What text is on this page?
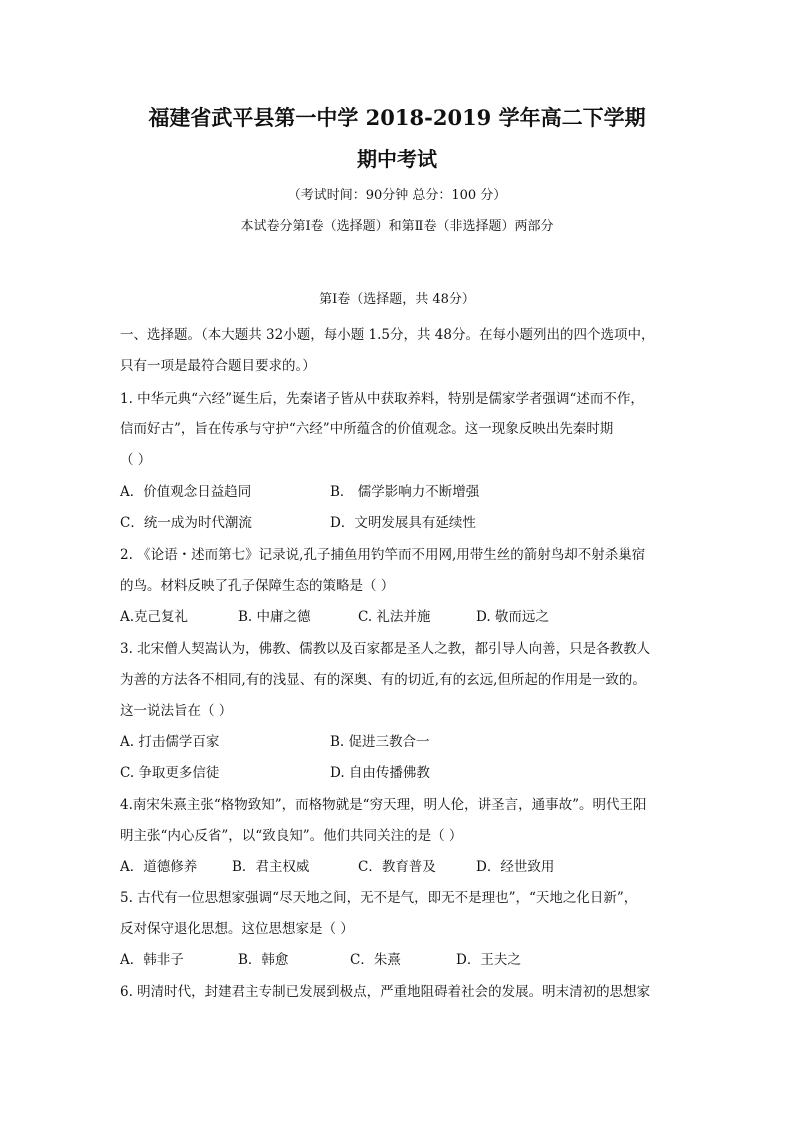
福建省武平县第一中学 2018-2019 学年高二下学期
期中考试
（考试时间：90分钟 总分：100 分）
本试卷分第Ⅰ卷（选择题）和第Ⅱ卷（非选择题）两部分
第Ⅰ卷（选择题，共 48分）
一、选择题。（本大题共 32小题，每小题 1.5分，共 48分。在每小题列出的四个选项中，
只有一项是最符合题目要求的。）
1. 中华元典“六经”诞生后，先秦诸子皆从中获取养料，特别是儒家学者强调“述而不作，
信而好古”，旨在传承与守护“六经”中所蕴含的价值观念。这一现象反映出先秦时期
（ ）
A．价值观念日益趋同	B． 儒学影响力不断增强
C．统一成为时代潮流	D．文明发展具有延续性
2. 《论语・述而第七》记录说,孔子捕鱼用钓竿而不用网,用带生丝的箭射鸟却不射杀巢宿
的鸟。材料反映了孔子保障生态的策略是（ ）
A.克己复礼	B. 中庸之德	C. 礼法并施	D. 敬而远之
3. 北宋僧人契嵩认为，佛教、儒教以及百家都是圣人之教，都引导人向善，只是各教教人
为善的方法各不相同,有的浅显、有的深奥、有的切近,有的玄远,但所起的作用是一致的。
这一说法旨在（ ）
A. 打击儒学百家	B. 促进三教合一
C. 争取更多信徒	D. 自由传播佛教
4.南宋朱熹主张“格物致知”，而格物就是“穷天理，明人伦，讲圣言，通事故”。明代王阳
明主张“内心反省”，以“致良知”。他们共同关注的是（ ）
A．道德修养	B．君主权威	C．教育普及	D．经世致用
5. 古代有一位思想家强调“尽天地之间，无不是气，即无不是理也”，“天地之化日新”，
反对保守退化思想。这位思想家是（ ）
A．韩非子	B．韩愈	C．朱熹	D．王夫之
6. 明清时代，封建君主专制已发展到极点，严重地阻碍着社会的发展。明末清初的思想家
